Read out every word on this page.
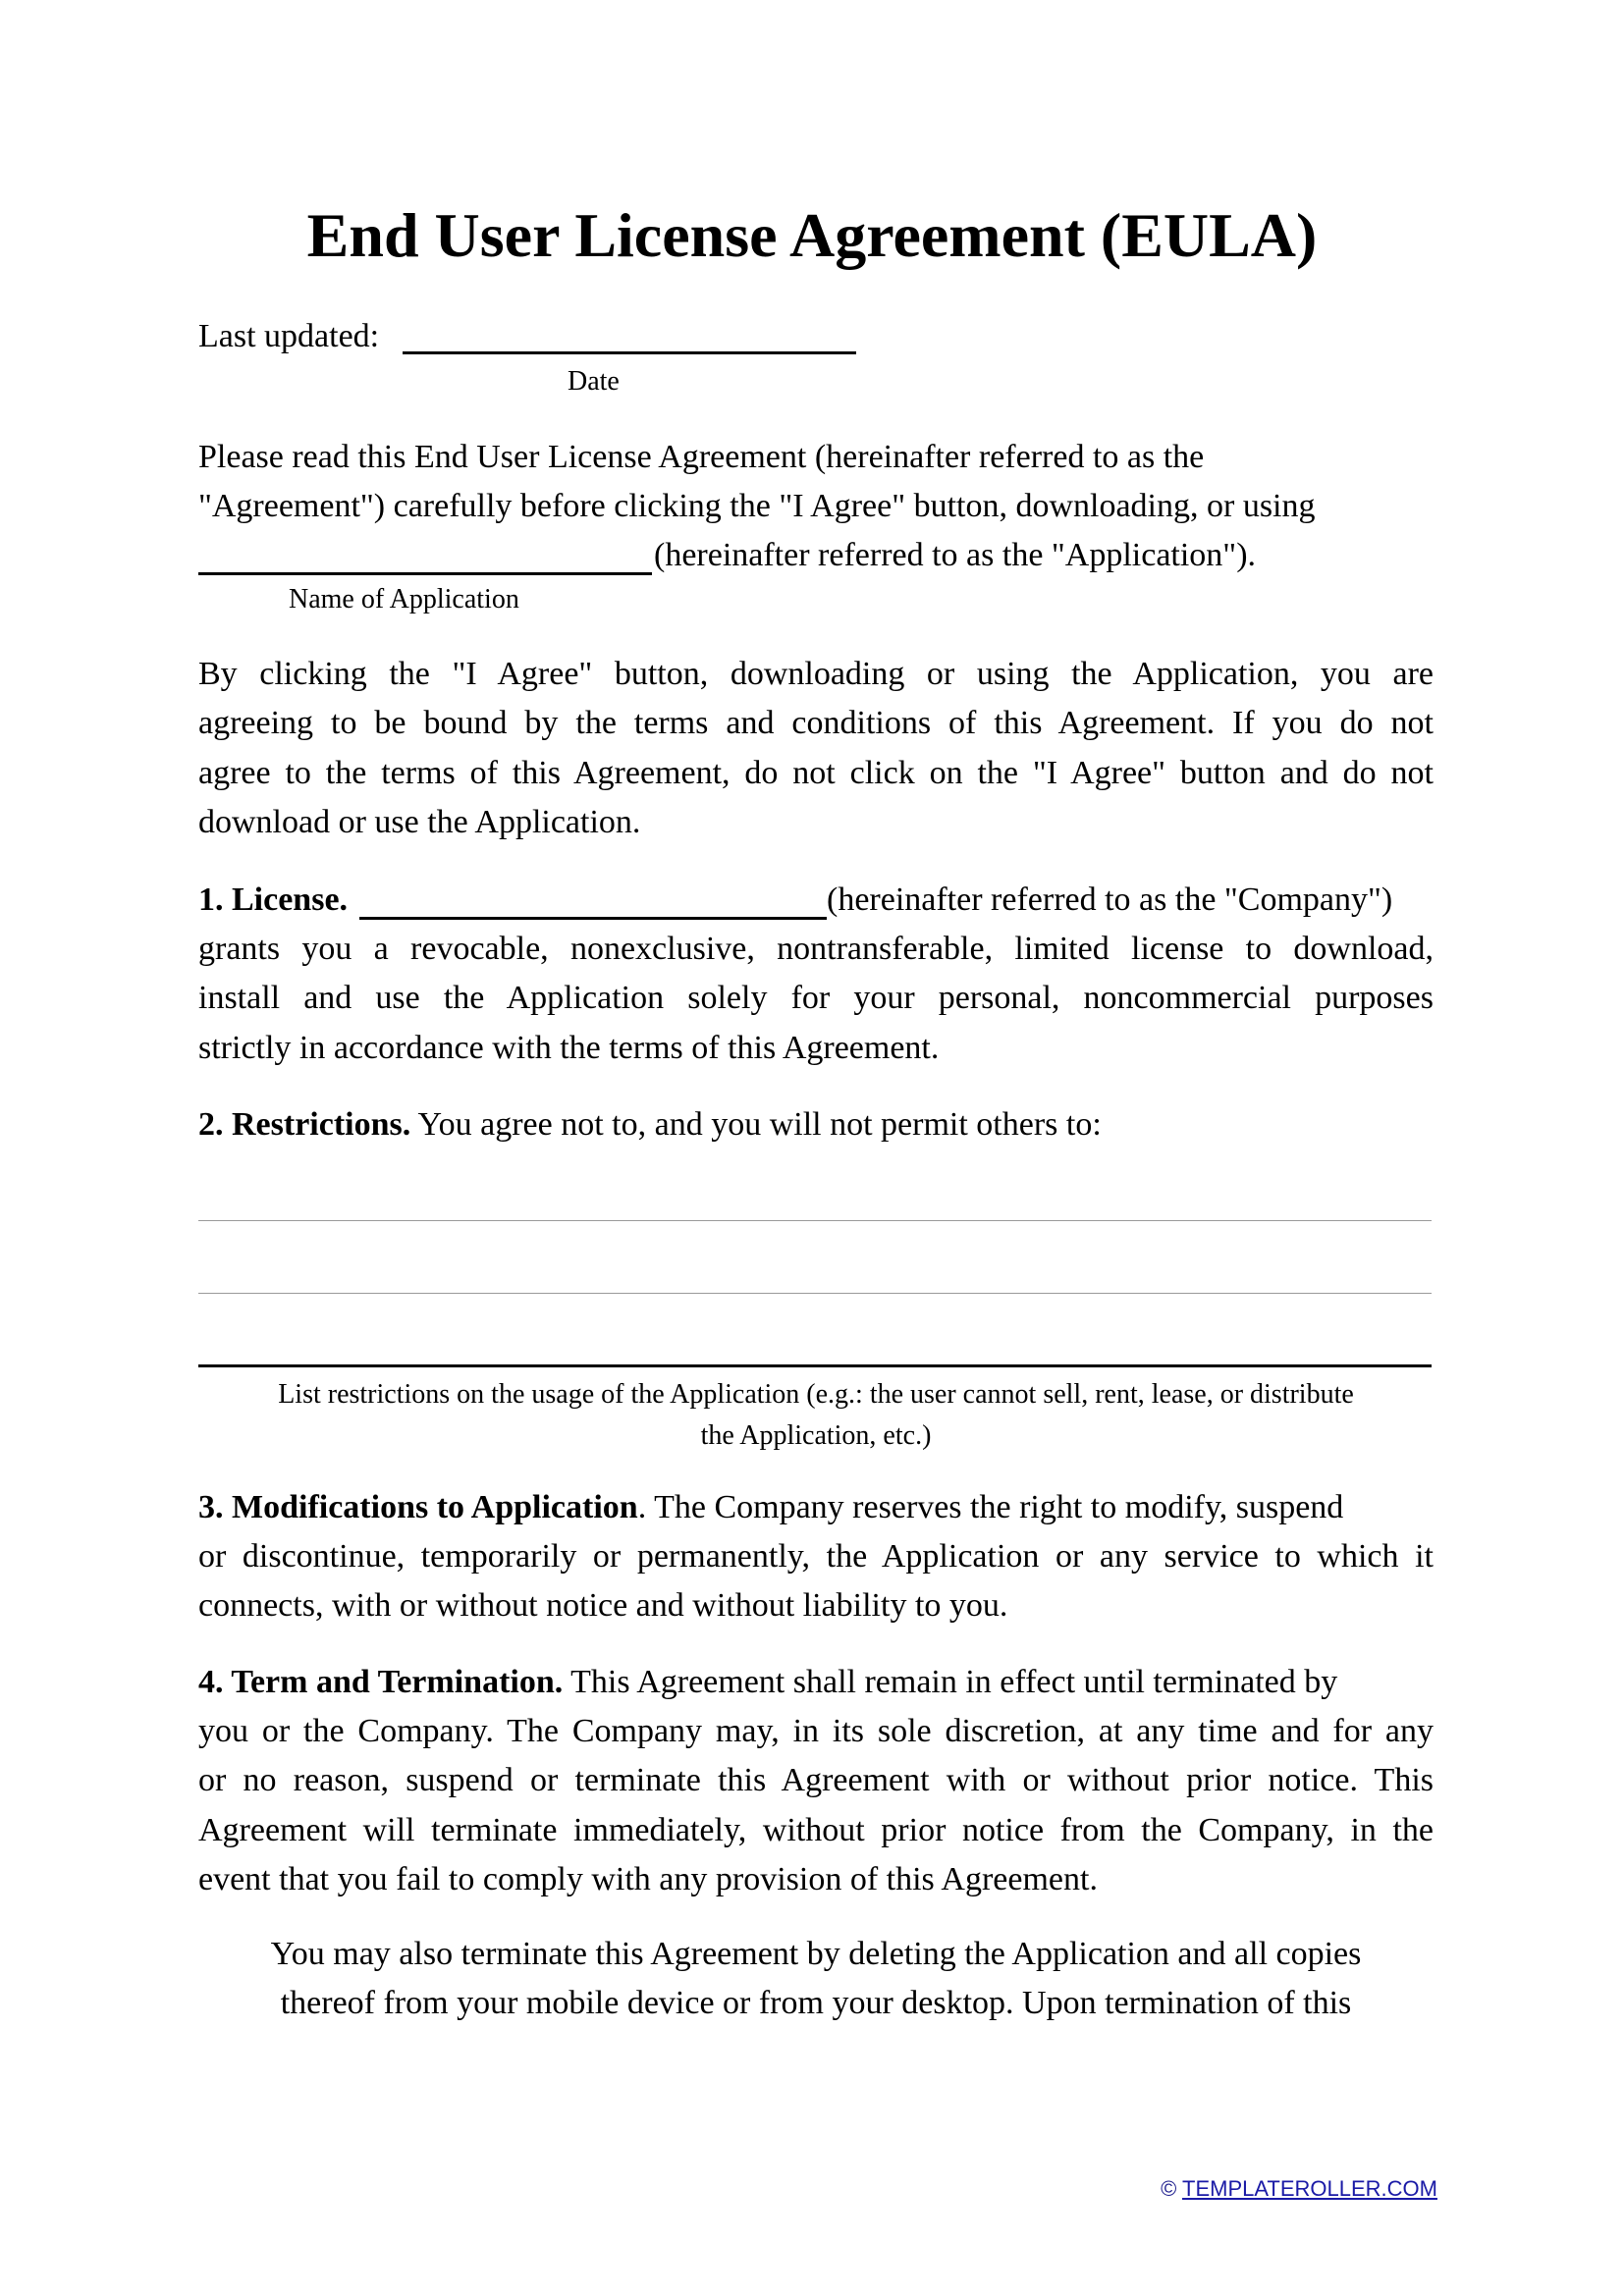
End User License Agreement (EULA)
Last updated:
Date
Please read this End User License Agreement (hereinafter referred to as the
"Agreement") carefully before clicking the "I Agree" button, downloading, or using
(hereinafter referred to as the "Application").
Name of Application
By clicking the "I Agree" button, downloading or using the Application, you are
agreeing to be bound by the terms and conditions of this Agreement. If you do not
agree to the terms of this Agreement, do not click on the "I Agree" button and do not
download or use the Application.
1. License.	(hereinafter referred to as the "Company")
grants you a revocable, nonexclusive, nontransferable, limited license to download,
install and use the Application solely for your personal, noncommercial purposes
strictly in accordance with the terms of this Agreement.
2. Restrictions. You agree not to, and you will not permit others to:
List restrictions on the usage of the Application (e.g.: the user cannot sell, rent, lease, or distribute
the Application, etc.)
3. Modifications to Application. The Company reserves the right to modify, suspend
or discontinue, temporarily or permanently, the Application or any service to which it
connects, with or without notice and without liability to you.
4. Term and Termination. This Agreement shall remain in effect until terminated by
you or the Company. The Company may, in its sole discretion, at any time and for any
or no reason, suspend or terminate this Agreement with or without prior notice. This
Agreement will terminate immediately, without prior notice from the Company, in the
event that you fail to comply with any provision of this Agreement.
You may also terminate this Agreement by deleting the Application and all copies
thereof from your mobile device or from your desktop. Upon termination of this
© TEMPLATEROLLER.COM
